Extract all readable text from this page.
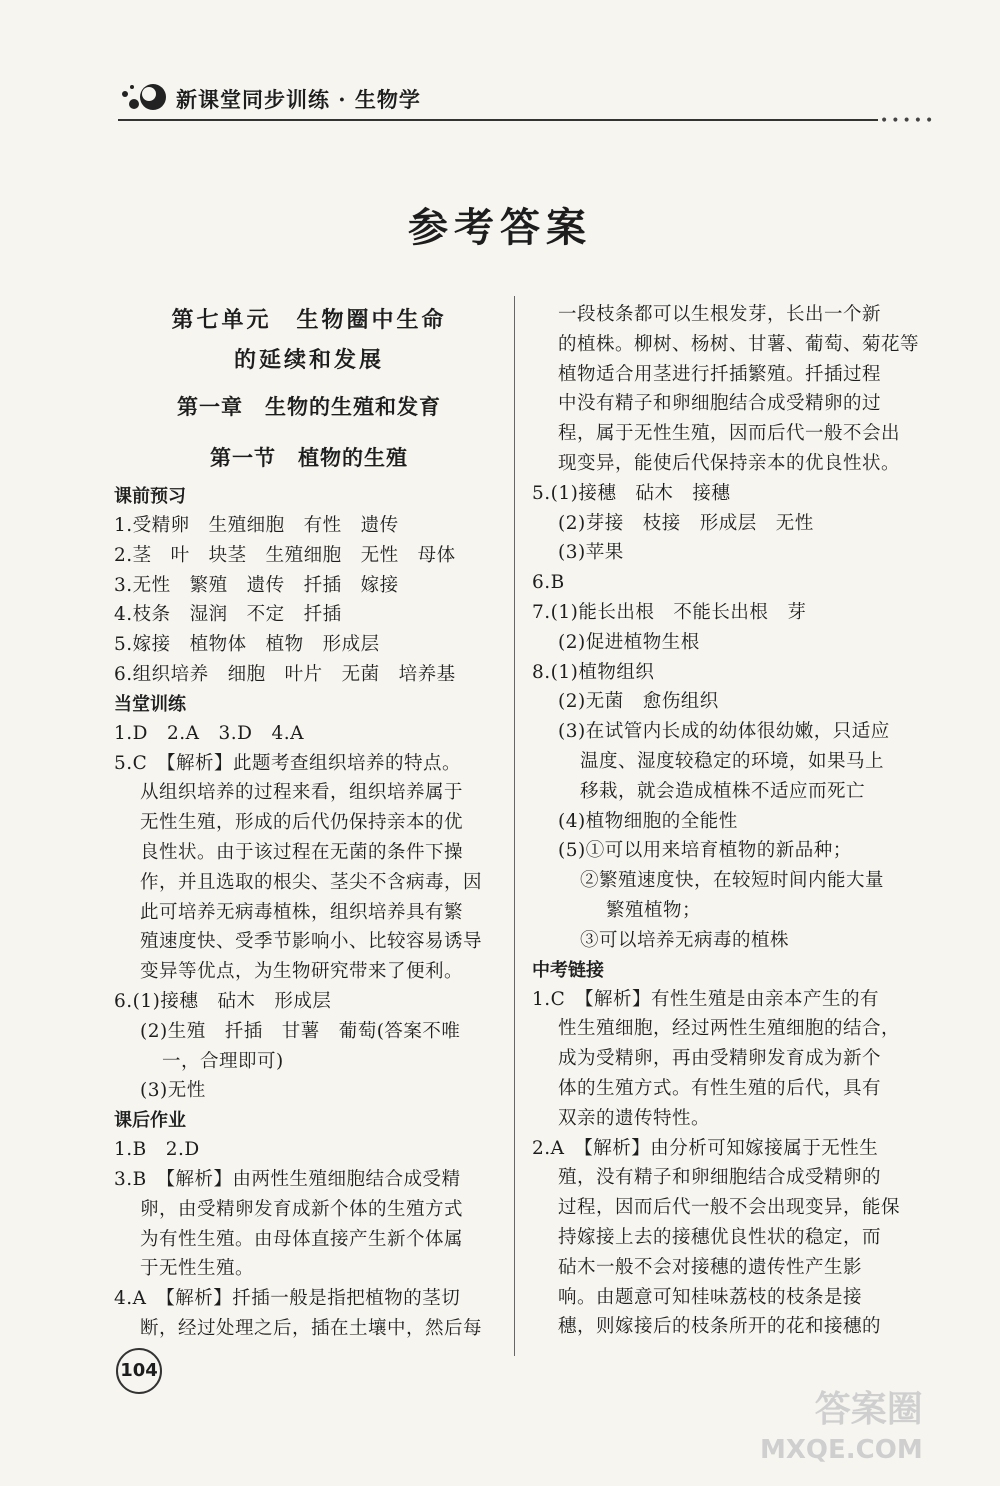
新课堂同步训练 · 生物学
•••••
参考答案
第七单元　生物圈中生命
的延续和发展
第一章　生物的生殖和发育
第一节　植物的生殖
课前预习
1.受精卵　生殖细胞　有性　遗传
2.茎　叶　块茎　生殖细胞　无性　母体
3.无性　繁殖　遗传　扦插　嫁接
4.枝条　湿润　不定　扦插
5.嫁接　植物体　植物　形成层
6.组织培养　细胞　叶片　无菌　培养基
当堂训练
1.D　2.A　3.D　4.A
5.C　【解析】此题考查组织培养的特点。
从组织培养的过程来看，组织培养属于
无性生殖，形成的后代仍保持亲本的优
良性状。由于该过程在无菌的条件下操
作，并且选取的根尖、茎尖不含病毒，因
此可培养无病毒植株，组织培养具有繁
殖速度快、受季节影响小、比较容易诱导
变异等优点，为生物研究带来了便利。
6.(1)接穗　砧木　形成层
(2)生殖　扦插　甘薯　葡萄(答案不唯
一，合理即可)
(3)无性
课后作业
1.B　2.D
3.B　【解析】由两性生殖细胞结合成受精
卵，由受精卵发育成新个体的生殖方式
为有性生殖。由母体直接产生新个体属
于无性生殖。
4.A　【解析】扦插一般是指把植物的茎切
断，经过处理之后，插在土壤中，然后每
一段枝条都可以生根发芽，长出一个新
的植株。柳树、杨树、甘薯、葡萄、菊花等
植物适合用茎进行扦插繁殖。扦插过程
中没有精子和卵细胞结合成受精卵的过
程，属于无性生殖，因而后代一般不会出
现变异，能使后代保持亲本的优良性状。
5.(1)接穗　砧木　接穗
(2)芽接　枝接　形成层　无性
(3)苹果
6.B
7.(1)能长出根　不能长出根　芽
(2)促进植物生根
8.(1)植物组织
(2)无菌　愈伤组织
(3)在试管内长成的幼体很幼嫩，只适应
温度、湿度较稳定的环境，如果马上
移栽，就会造成植株不适应而死亡
(4)植物细胞的全能性
(5)①可以用来培育植物的新品种；
②繁殖速度快，在较短时间内能大量
繁殖植物；
③可以培养无病毒的植株
中考链接
1.C　【解析】有性生殖是由亲本产生的有
性生殖细胞，经过两性生殖细胞的结合，
成为受精卵，再由受精卵发育成为新个
体的生殖方式。有性生殖的后代，具有
双亲的遗传特性。
2.A　【解析】由分析可知嫁接属于无性生
殖，没有精子和卵细胞结合成受精卵的
过程，因而后代一般不会出现变异，能保
持嫁接上去的接穗优良性状的稳定，而
砧木一般不会对接穗的遗传性产生影
响。由题意可知桂味荔枝的枝条是接
穗，则嫁接后的枝条所开的花和接穗的
104
答案圈
MXQE.COM
